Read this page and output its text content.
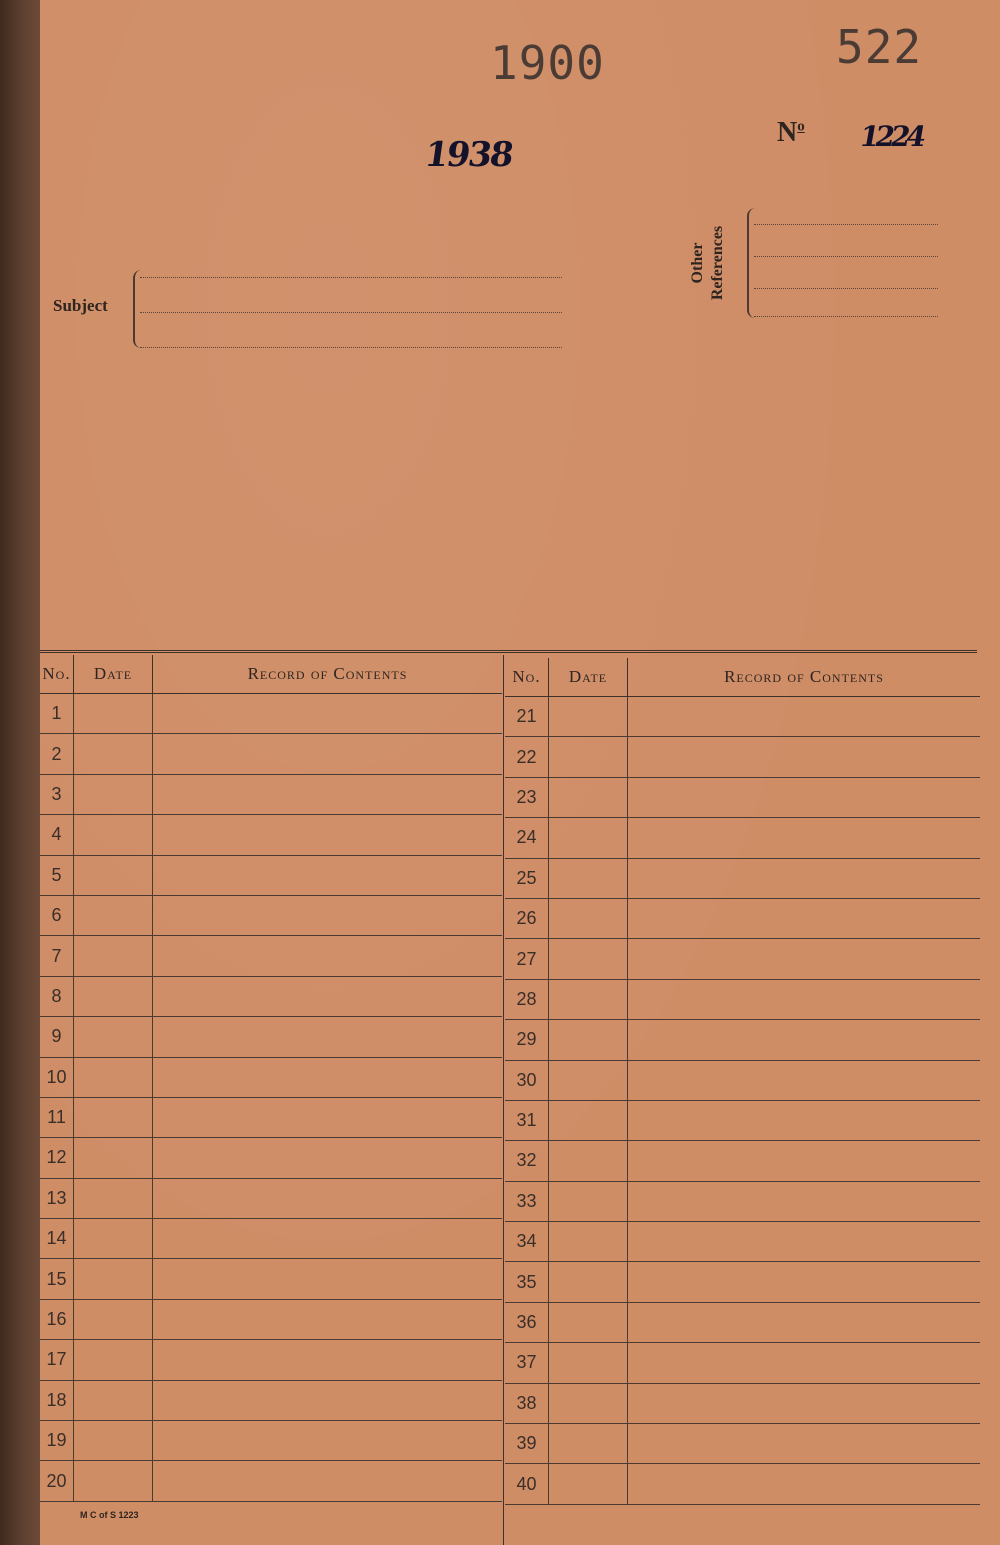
1900	522
1938
$N^o$ 1224
Subject
Other References
No.	Date	Record of Contents
1		
2		
3		
4		
5		
6		
7		
8		
9		
10		
11		
12		
13		
14		
15		
16		
17		
18		
19		
20		
No.	Date	Record of Contents
21		
22		
23		
24		
25		
26		
27		
28		
29		
30		
31		
32		
33		
34		
35		
36		
37		
38		
39		
40		
M C of S 1223
